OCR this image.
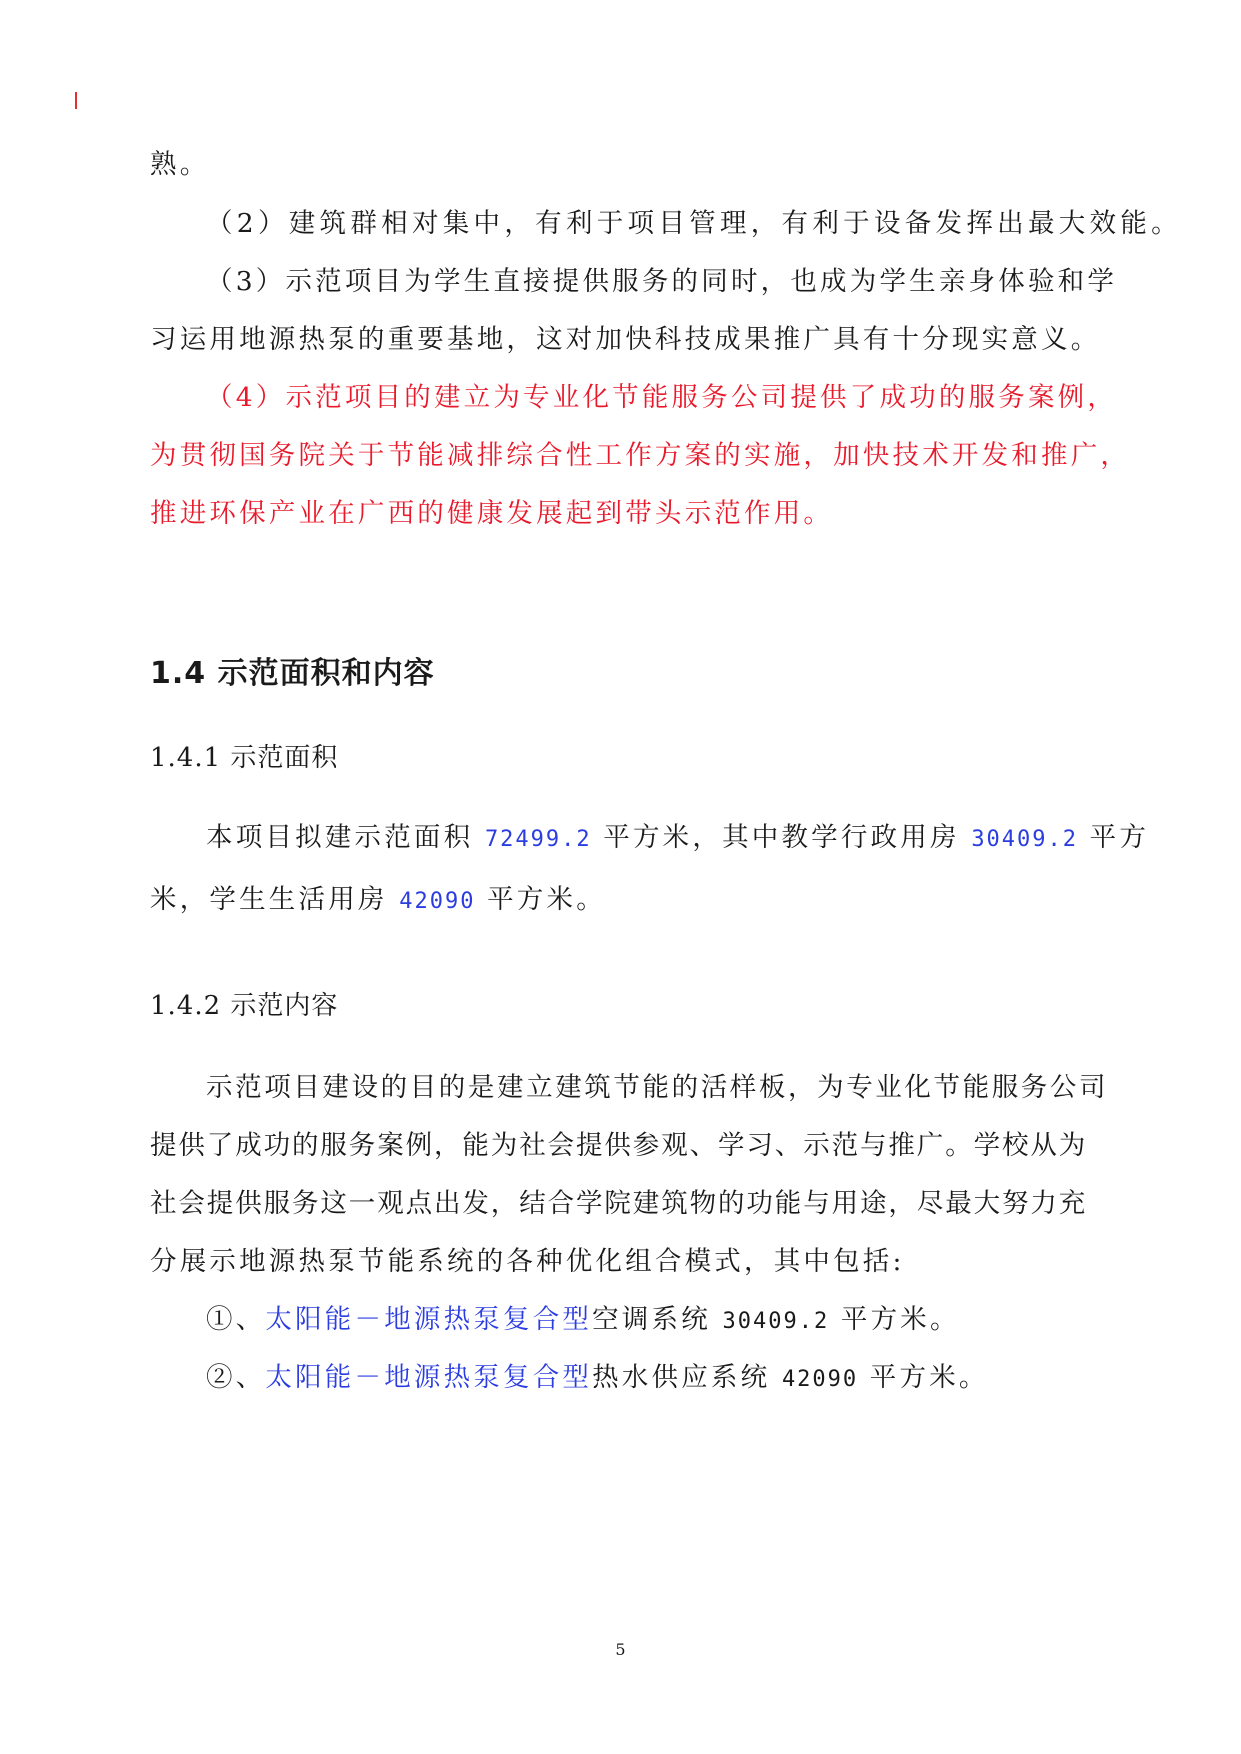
熟。
（2）建筑群相对集中，有利于项目管理，有利于设备发挥出最大效能。
（3）示范项目为学生直接提供服务的同时，也成为学生亲身体验和学
习运用地源热泵的重要基地，这对加快科技成果推广具有十分现实意义。
（4）示范项目的建立为专业化节能服务公司提供了成功的服务案例，
为贯彻国务院关于节能减排综合性工作方案的实施，加快技术开发和推广，
推进环保产业在广西的健康发展起到带头示范作用。
1.4 示范面积和内容
1.4.1 示范面积
本项目拟建示范面积 72499.2 平方米，其中教学行政用房 30409.2 平方
米，学生生活用房 42090 平方米。
1.4.2 示范内容
示范项目建设的目的是建立建筑节能的活样板，为专业化节能服务公司
提供了成功的服务案例，能为社会提供参观、学习、示范与推广。学校从为
社会提供服务这一观点出发，结合学院建筑物的功能与用途，尽最大努力充
分展示地源热泵节能系统的各种优化组合模式，其中包括:
①、太阳能－地源热泵复合型空调系统 30409.2 平方米。
②、太阳能－地源热泵复合型热水供应系统 42090 平方米。
5
